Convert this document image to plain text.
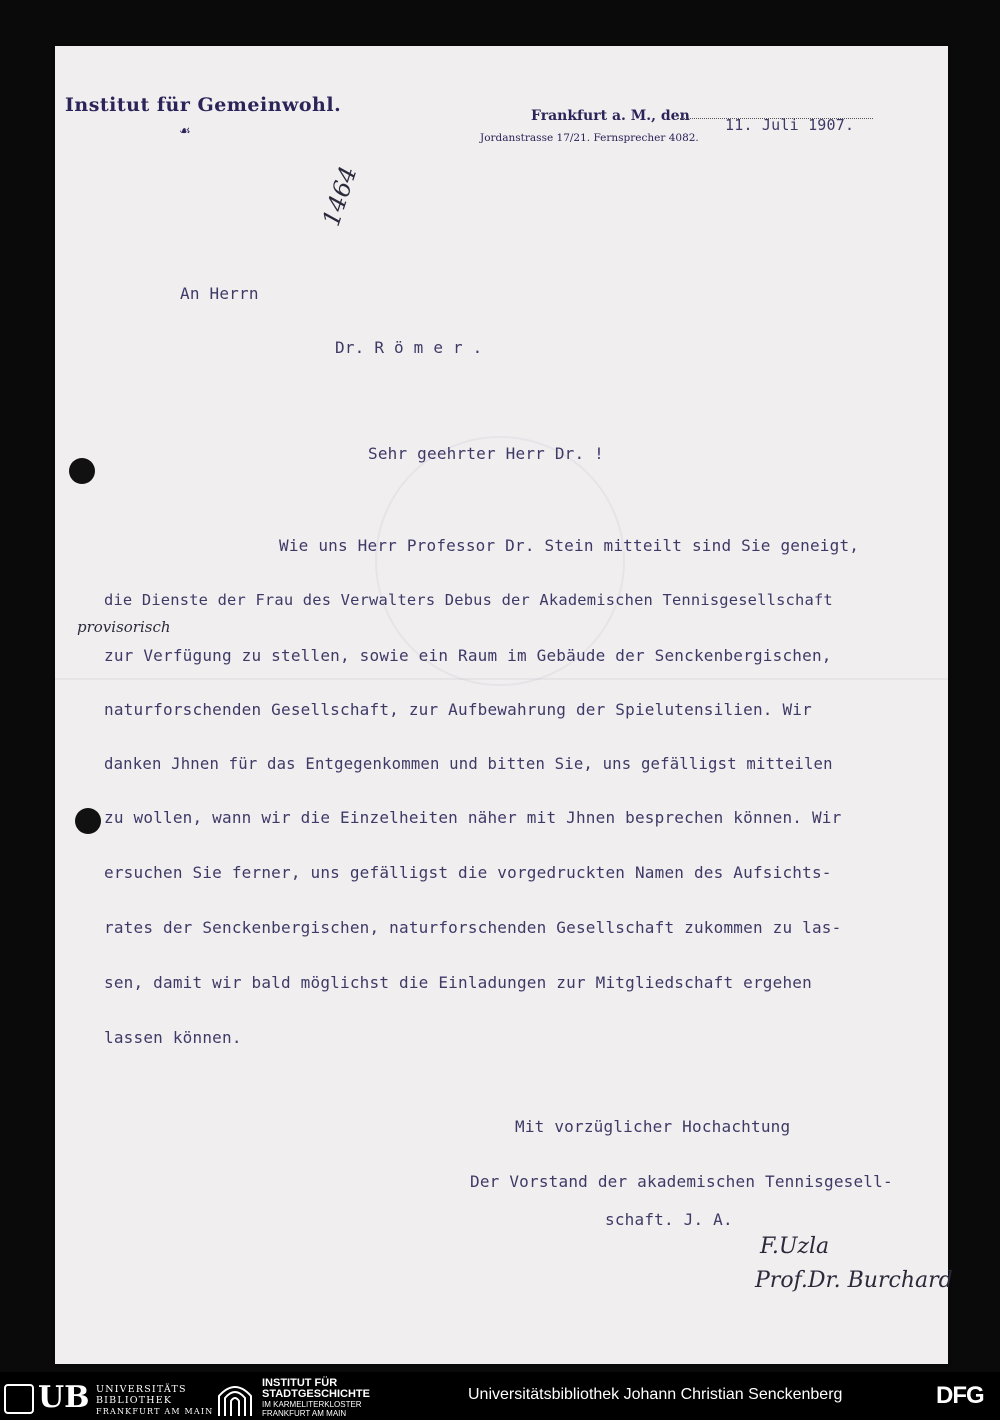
Institut für Gemeinwohl.
☙
Frankfurt a. M., den
Jordanstrasse 17/21. Fernsprecher 4082.
11. Juli 1907.
1464
An Herrn
Dr. R ö m e r .
Sehr geehrter Herr Dr. !
Wie uns Herr Professor Dr. Stein mitteilt sind Sie geneigt,
die Dienste der Frau des Verwalters Debus der Akademischen Tennisgesellschaft
provisorisch
zur Verfügung zu stellen, sowie ein Raum im Gebäude der Senckenbergischen,
naturforschenden Gesellschaft, zur Aufbewahrung der Spielutensilien. Wir
danken Jhnen für das Entgegenkommen und bitten Sie, uns gefälligst mitteilen
zu wollen, wann wir die Einzelheiten näher mit Jhnen besprechen können. Wir
ersuchen Sie ferner, uns gefälligst die vorgedruckten Namen des Aufsichts-
rates der Senckenbergischen, naturforschenden Gesellschaft zukommen zu las-
sen, damit wir bald möglichst die Einladungen zur Mitgliedschaft ergehen
lassen können.
Mit vorzüglicher Hochachtung
Der Vorstand der akademischen Tennisgesell-
schaft. J. A.
F.Uzla
Prof.Dr. Burchard
UB UNIVERSITÄTS
BIBLIOTHEK
FRANKFURT AM MAIN
INSTITUT FÜR
STADTGESCHICHTE
IM KARMELITERKLOSTER
FRANKFURT AM MAIN
Universitätsbibliothek Johann Christian Senckenberg	DFG
